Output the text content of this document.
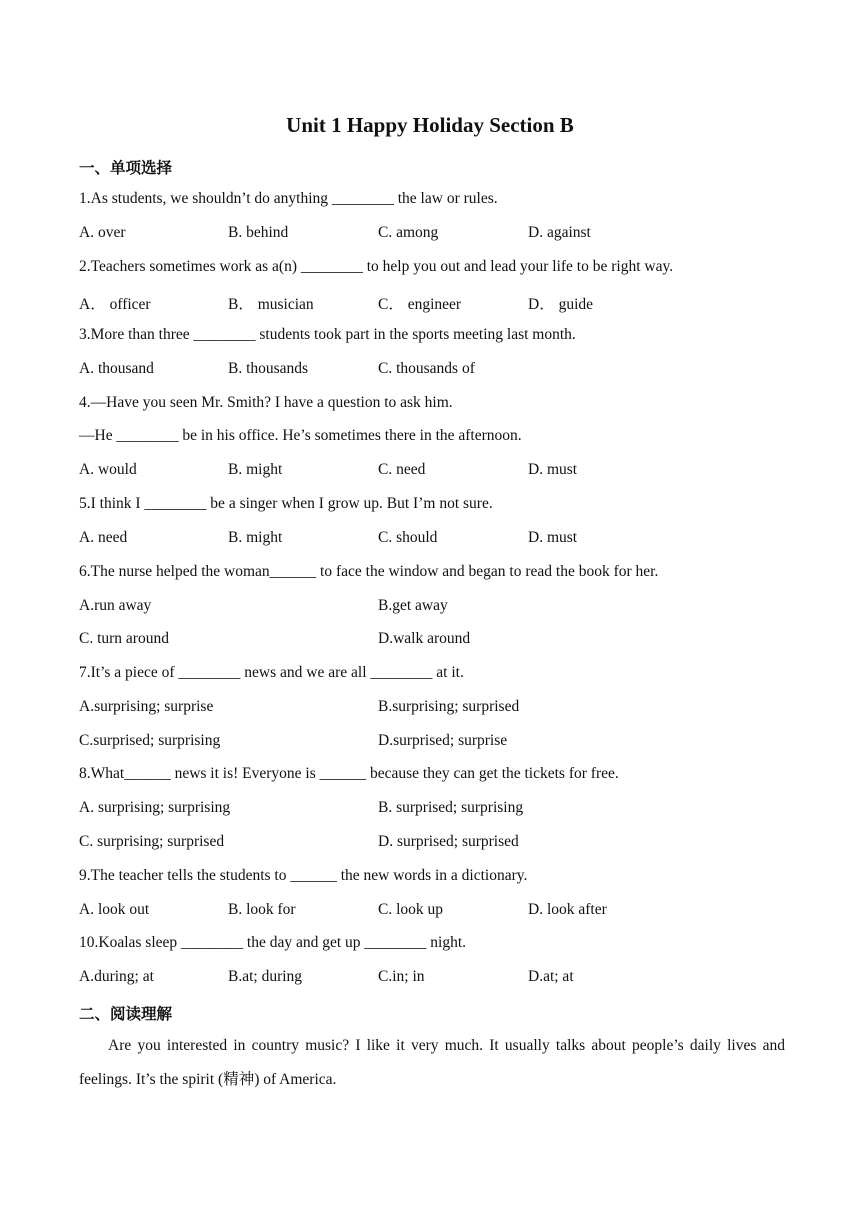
Unit 1 Happy Holiday Section B
一、单项选择
1.As students, we shouldn’t do anything ________ the law or rules.
A. over	B. behind	C. among	D. against
2.Teachers sometimes work as a(n) ________ to help you out and lead your life to be right way.
A． officer	B． musician	C． engineer	D． guide
3.More than three ________ students took part in the sports meeting last month.
A. thousand	B. thousands	C. thousands of
4.—Have you seen Mr. Smith? I have a question to ask him.
—He ________ be in his office. He’s sometimes there in the afternoon.
A. would	B. might	C. need	D. must
5.I think I ________ be a singer when I grow up. But I’m not sure.
A. need	B. might	C. should	D. must
6.The nurse helped the woman______ to face the window and began to read the book for her.
A.run away	B.get away
C. turn around	D.walk around
7.It’s a piece of ________ news and we are all ________ at it.
A.surprising; surprise	B.surprising; surprised
C.surprised; surprising	D.surprised; surprise
8.What______ news it is! Everyone is ______ because they can get the tickets for free.
A. surprising; surprising	B. surprised; surprising
C. surprising; surprised	D. surprised; surprised
9.The teacher tells the students to ______ the new words in a dictionary.
A. look out	B. look for	C. look up	D. look after
10.Koalas sleep ________ the day and get up ________ night.
A.during; at	B.at; during	C.in; in	D.at; at
二、阅读理解
Are you interested in country music? I like it very much. It usually talks about people’s daily lives and feelings. It’s the spirit (精神) of America.
